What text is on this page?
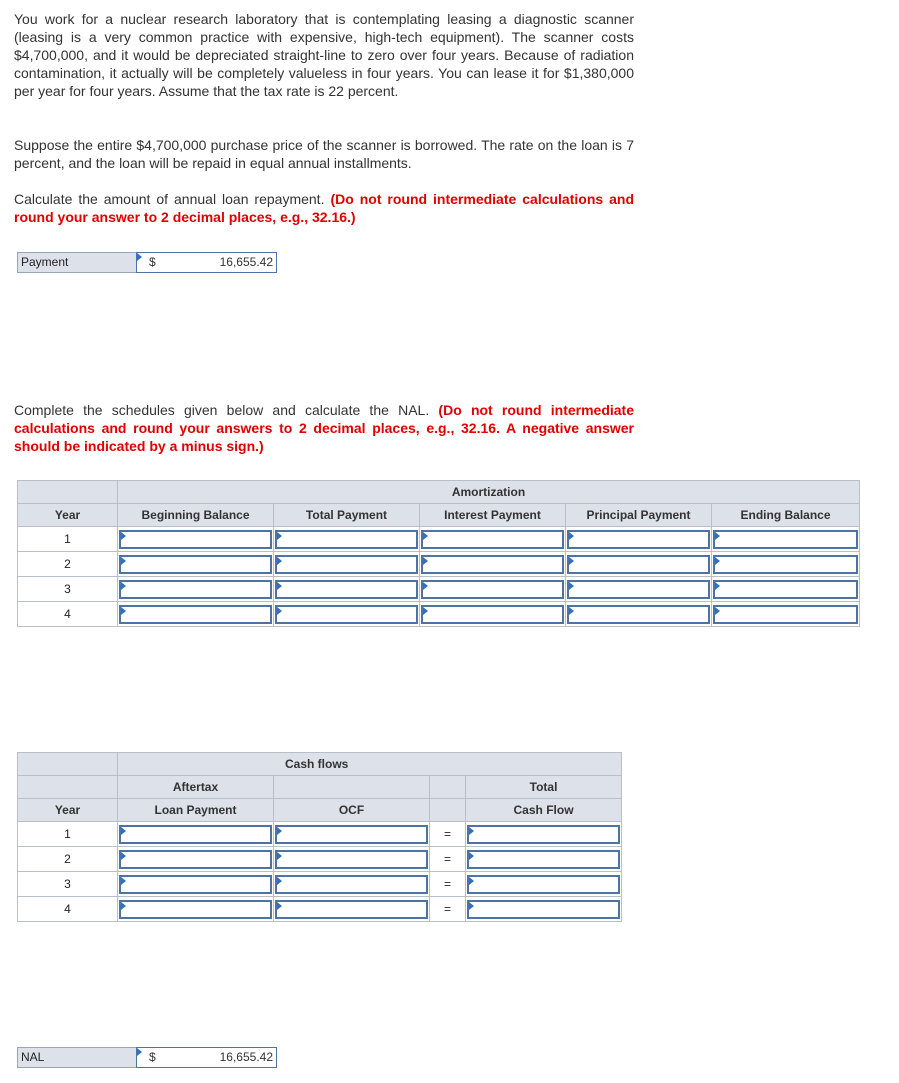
You work for a nuclear research laboratory that is contemplating leasing a diagnostic scanner (leasing is a very common practice with expensive, high-tech equipment). The scanner costs $4,700,000, and it would be depreciated straight-line to zero over four years. Because of radiation contamination, it actually will be completely valueless in four years. You can lease it for $1,380,000 per year for four years. Assume that the tax rate is 22 percent.

Suppose the entire $4,700,000 purchase price of the scanner is borrowed. The rate on the loan is 7 percent, and the loan will be repaid in equal annual installments.

Calculate the amount of annual loan repayment. (Do not round intermediate calculations and round your answer to 2 decimal places, e.g., 32.16.)

Payment	$	16,655.42

Complete the schedules given below and calculate the NAL. (Do not round intermediate calculations and round your answers to 2 decimal places, e.g., 32.16. A negative answer should be indicated by a minus sign.)

	Amortization				
Year	Beginning Balance	Total Payment	Interest Payment	Principal Payment	Ending Balance
1	

2	

3	

4	

	Cash flows			
	Aftertax			Total
Year	Loan Payment	OCF		Cash Flow
1			=	

2			=	

3			=	

4			=	
NAL	$	16,655.42
